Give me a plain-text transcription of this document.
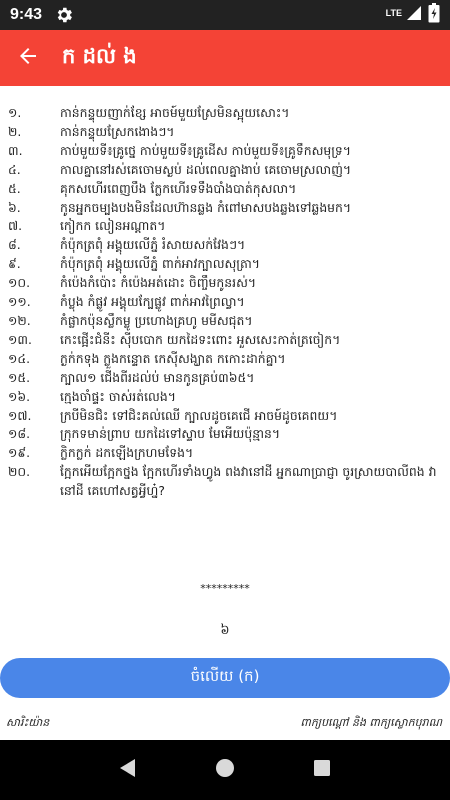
9:43	LTE
ក ដល់ ង
១.	កាន់កន្ទុយញាក់ខ្សែ អាចម៍មួយស្រែមិនស្អុយសោះ។
២.	កាន់កន្ទុយស្រែកងោងៗ។
៣.	កាប់មួយទី៖គ្រូថ្នេ កាប់មួយទី៖គ្រូដើស កាប់មួយទី៖គ្រូទឹកសមុទ្រ។
៤.	កាលគ្នានៅរស់គេចោមស្ងប់ ដល់ពេលគ្នាងាប់ គេចោមស្រលាញ់។
៥.	គុកសហើរពេញបឹង ក្លែកហើរទទឹងបាំងបាត់កុសលា។
៦.	កូនអ្នកចម្បងបងមិនដែលហ៊ានឆ្លង កំពៅមាសបងឆ្លងទៅឆ្លងមក។
៧.	កៀកក លៀនអណ្តាត។
៨.	កំប៉ុកត្រពុំ អង្គុយលើភ្នំ រំសាយសក់វែងៗ។
៩.	កំប៉ុកត្រពុំ អង្គុយលើភ្នំ ពាក់អាវក្បាលសុត្រា។
១០.	កំប៉េងកំប៉ោះ កំប៉េងអត់ដោះ ចិញ្ចឹមកូនរស់។
១១.	កំប្លុង កំផ្លូវ អង្គុយក្បែផ្លូវ ពាក់អាវព្រៃល្វា។
១២.	កំផ្លាកប៉ុនស្លឹកម្លូ ប្រហោងគ្រហូ មមីសជុត។
១៣.	កេះផ្អើះជំនីះ ស៊ីបបោក យកដៃទះពោះ អួសសេះកាត់ត្រចៀក។
១៤.	ក្ងក់កទុង ក្លួងកន្ទោត កេស៊ីសង្ឃាត កកោះដាក់គ្នា។
១៥.	ក្បាល១ ជើងពីរដល់ប់ មានកូនគ្រប់៣៦៥។
១៦.	ក្មេងចាំផ្ទះ ចាស់រត់លេង។
១៧.	ក្របីមិនជិះ ទៅជិះគល់ឈើ ក្បាលដូចគេជើ អាចម៍ដូចគេពយ។
១៨.	ក្រុកទមាន់ព្រាប យកដៃទៅស្ទាប មែអើយប៉ុន្មាន។
១៩.	ក្លិកក្លក់ ដកឡើងក្រហមទែង។
២០.	ក្អែកអើយក្អែកថ្នង ក្អែកហើរទាំងហ្វូង ពងវានៅដី អ្នកណាប្រាជ្ញា ចូរស្រាយបាលីពង វានៅដី គេហៅសត្វអ្វីហ្ន៎?
*********
៦
ចំលើយ (ក)
សារិះយ៉ាន	ពាក្យបណ្តៅ និង ពាក្យស្លោកបុរាណ
